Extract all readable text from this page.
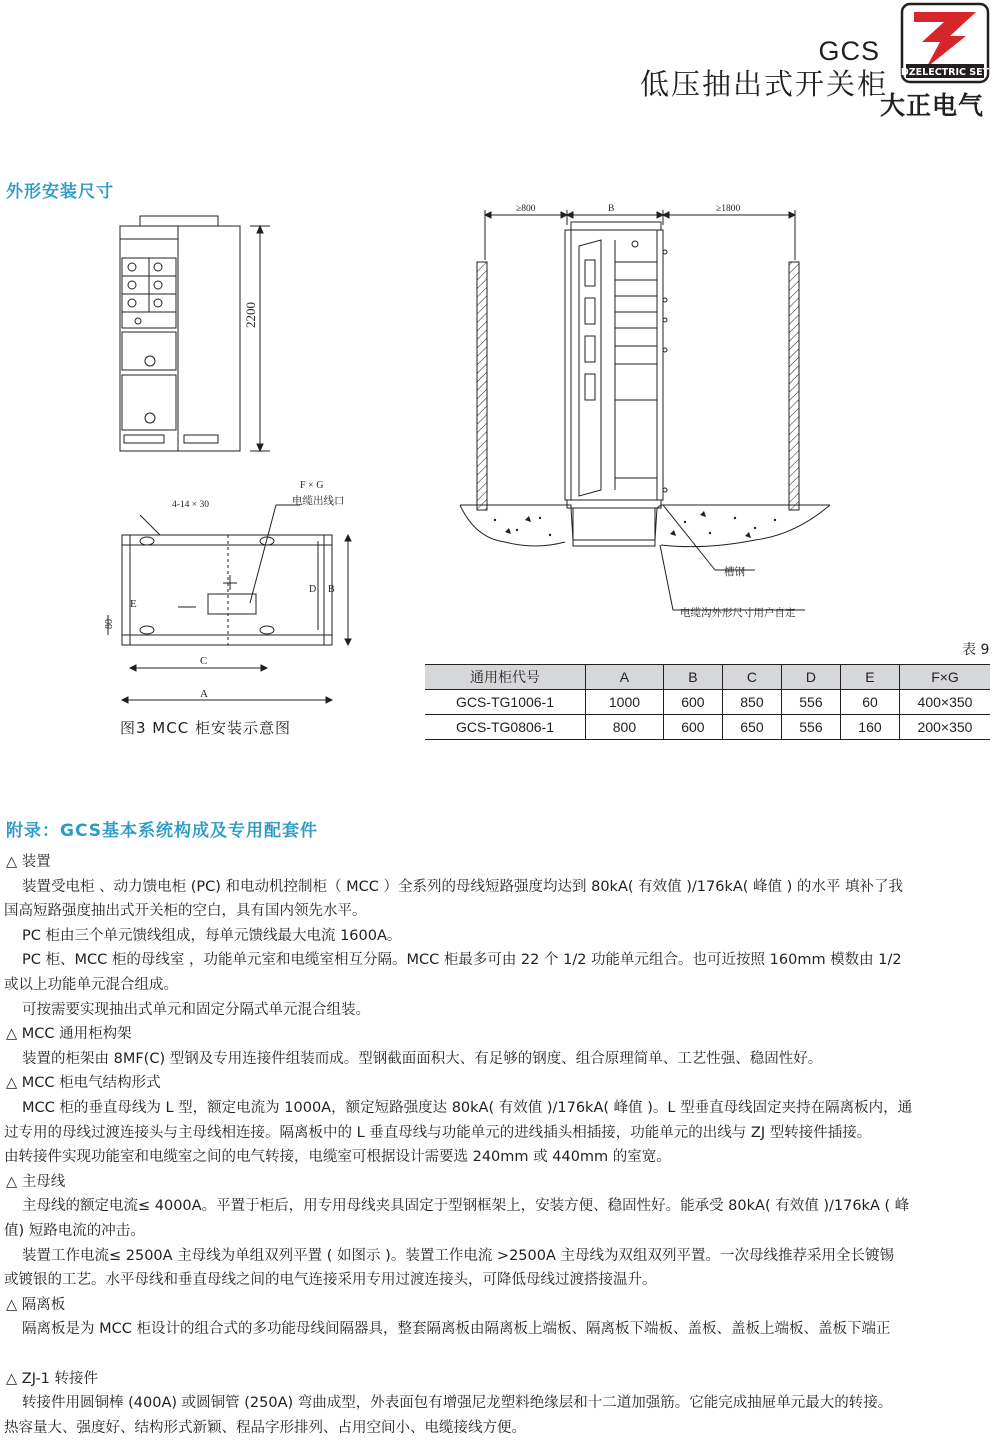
GCS
低压抽出式开关柜 DZELECTRIC SET
大正电气
外形安装尺寸
2200
4-14 × 30
F × G
电缆出线口
E
80
C
A
D B
≥800	B	≥1800
槽钢
电缆沟外形尺寸用户自定
图3 MCC 柜安装示意图
表 9
通用柜代号	A	B	C	D	E	F×G
GCS-TG1006-1	1000	600	850	556	60	400×350
GCS-TG0806-1	800	600	650	556	160	200×350
附录：GCS基本系统构成及专用配套件
△ 装置
装置受电柜 、动力馈电柜 (PC) 和电动机控制柜（ MCC ）全系列的母线短路强度均达到 80kA( 有效值 )/176kA( 峰值 ) 的水平 填补了我
国高短路强度抽出式开关柜的空白，具有国内领先水平。
PC 柜由三个单元馈线组成，每单元馈线最大电流 1600A。
PC 柜、MCC 柜的母线室 ，功能单元室和电缆室相互分隔。MCC 柜最多可由 22 个 1/2 功能单元组合。也可近按照 160mm 模数由 1/2
或以上功能单元混合组成。
可按需要实现抽出式单元和固定分隔式单元混合组装。
△ MCC 通用柜构架
装置的柜架由 8MF(C) 型钢及专用连接件组装而成。型钢截面面积大、有足够的钢度、组合原理简单、工艺性强、稳固性好。
△ MCC 柜电气结构形式
MCC 柜的垂直母线为 L 型，额定电流为 1000A，额定短路强度达 80kA( 有效值 )/176kA( 峰值 )。L 型垂直母线固定夹持在隔离板内，通
过专用的母线过渡连接头与主母线相连接。隔离板中的 L 垂直母线与功能单元的进线插头相插接，功能单元的出线与 ZJ 型转接件插接。
由转接件实现功能室和电缆室之间的电气转接，电缆室可根据设计需要选 240mm 或 440mm 的室宽。
△ 主母线
主母线的额定电流≤ 4000A。平置于柜后，用专用母线夹具固定于型钢框架上，安装方便、稳固性好。能承受 80kA( 有效值 )/176kA ( 峰
值) 短路电流的冲击。
装置工作电流≤ 2500A 主母线为单组双列平置 ( 如图示 )。装置工作电流 >2500A 主母线为双组双列平置。一次母线推荐采用全长镀锡
或镀银的工艺。水平母线和垂直母线之间的电气连接采用专用过渡连接头，可降低母线过渡搭接温升。
△ 隔离板
隔离板是为 MCC 柜设计的组合式的多功能母线间隔器具，整套隔离板由隔离板上端板、隔离板下端板、盖板、盖板上端板、盖板下端正
△ ZJ-1 转接件
转接件用圆铜棒 (400A) 或圆铜管 (250A) 弯曲成型，外表面包有增强尼龙塑料绝缘层和十二道加强筋。它能完成抽屉单元最大的转接。
热容量大、强度好、结构形式新颖、程品字形排列、占用空间小、电缆接线方便。
